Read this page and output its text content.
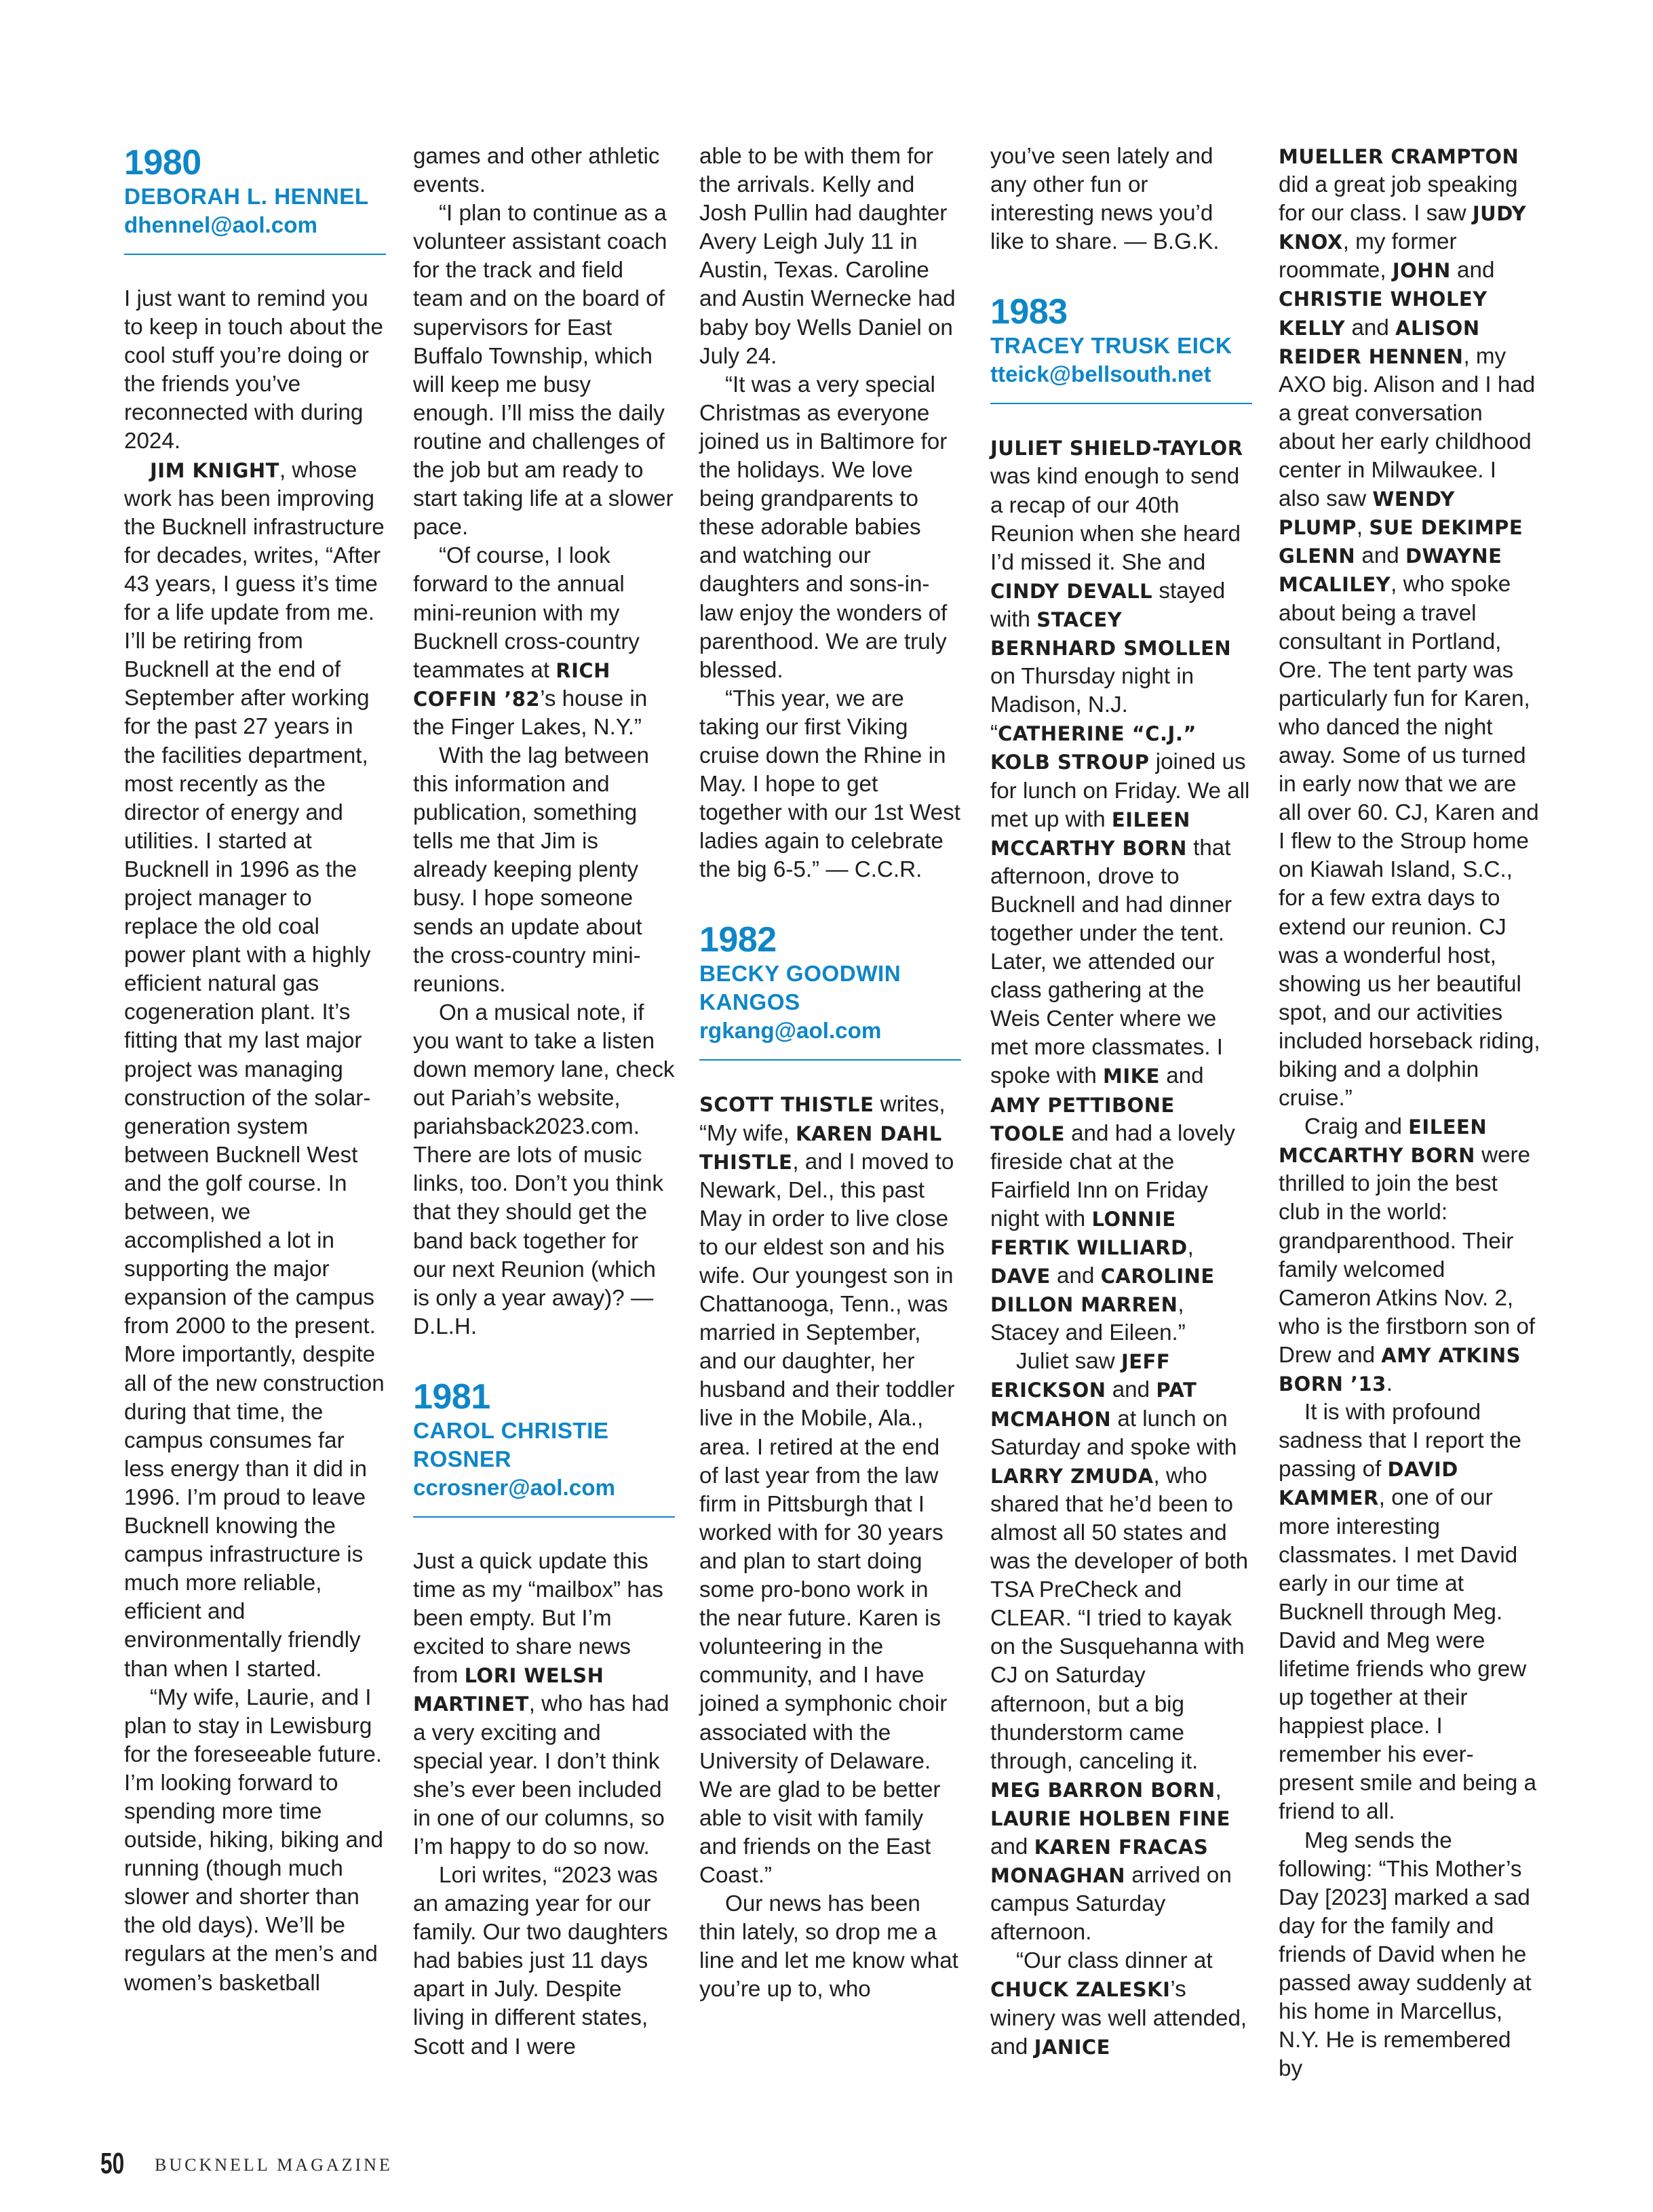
1980
DEBORAH L. HENNEL
dhennel@aol.com

I just want to remind you to keep in touch about the cool stuff you’re doing or the friends you’ve reconnected with during 2024.

JIM KNIGHT, whose work has been improving the Bucknell infrastructure for decades, writes, “After 43 years, I guess it’s time for a life update from me. I’ll be retiring from Bucknell at the end of September after working for the past 27 years in the facilities department, most recently as the director of energy and utilities. I started at Bucknell in 1996 as the project manager to replace the old coal power plant with a highly efficient natural gas cogeneration plant. It’s fitting that my last major project was managing construction of the solar-generation system between Bucknell West and the golf course. In between, we accomplished a lot in supporting the major expansion of the campus from 2000 to the present. More importantly, despite all of the new construction during that time, the campus consumes far less energy than it did in 1996. I’m proud to leave Bucknell knowing the campus infrastructure is much more reliable, efficient and environmentally friendly than when I started.

“My wife, Laurie, and I plan to stay in Lewisburg for the foreseeable future. I’m looking forward to spending more time outside, hiking, biking and running (though much slower and shorter than the old days). We’ll be regulars at the men’s and women’s basketball

games and other athletic events.

“I plan to continue as a volunteer assistant coach for the track and field team and on the board of supervisors for East Buffalo Township, which will keep me busy enough. I’ll miss the daily routine and challenges of the job but am ready to start taking life at a slower pace.

“Of course, I look forward to the annual mini-reunion with my Bucknell cross-country teammates at RICH COFFIN ’82’s house in the Finger Lakes, N.Y.”

With the lag between this information and publication, something tells me that Jim is already keeping plenty busy. I hope someone sends an update about the cross-country mini-reunions.

On a musical note, if you want to take a listen down memory lane, check out Pariah’s website, pariahsback2023.com. There are lots of music links, too. Don’t you think that they should get the band back together for our next Reunion (which is only a year away)? — D.L.H.

1981
CAROL CHRISTIE ROSNER
ccrosner@aol.com

Just a quick update this time as my “mailbox” has been empty. But I’m excited to share news from LORI WELSH MARTINET, who has had a very exciting and special year. I don’t think she’s ever been included in one of our columns, so I’m happy to do so now.

Lori writes, “2023 was an amazing year for our family. Our two daughters had babies just 11 days apart in July. Despite living in different states, Scott and I were

able to be with them for the arrivals. Kelly and Josh Pullin had daughter Avery Leigh July 11 in Austin, Texas. Caroline and Austin Wernecke had baby boy Wells Daniel on July 24.

“It was a very special Christmas as everyone joined us in Baltimore for the holidays. We love being grandparents to these adorable babies and watching our daughters and sons-in-law enjoy the wonders of parenthood. We are truly blessed.

“This year, we are taking our first Viking cruise down the Rhine in May. I hope to get together with our 1st West ladies again to celebrate the big 6-5.” — C.C.R.

1982
BECKY GOODWIN KANGOS
rgkang@aol.com

SCOTT THISTLE writes, “My wife, KAREN DAHL THISTLE, and I moved to Newark, Del., this past May in order to live close to our eldest son and his wife. Our youngest son in Chattanooga, Tenn., was married in September, and our daughter, her husband and their toddler live in the Mobile, Ala., area. I retired at the end of last year from the law firm in Pittsburgh that I worked with for 30 years and plan to start doing some pro-bono work in the near future. Karen is volunteering in the community, and I have joined a symphonic choir associated with the University of Delaware. We are glad to be better able to visit with family and friends on the East Coast.”

Our news has been thin lately, so drop me a line and let me know what you’re up to, who

you’ve seen lately and any other fun or interesting news you’d like to share. — B.G.K.

1983
TRACEY TRUSK EICK
tteick@bellsouth.net

JULIET SHIELD-TAYLOR was kind enough to send a recap of our 40th Reunion when she heard I’d missed it. She and CINDY DEVALL stayed with STACEY BERNHARD SMOLLEN on Thursday night in Madison, N.J. “CATHERINE “C.J.” KOLB STROUP joined us for lunch on Friday. We all met up with EILEEN MCCARTHY BORN that afternoon, drove to Bucknell and had dinner together under the tent. Later, we attended our class gathering at the Weis Center where we met more classmates. I spoke with MIKE and AMY PETTIBONE TOOLE and had a lovely fireside chat at the Fairfield Inn on Friday night with LONNIE FERTIK WILLIARD, DAVE and CAROLINE DILLON MARREN, Stacey and Eileen.”

Juliet saw JEFF ERICKSON and PAT MCMAHON at lunch on Saturday and spoke with LARRY ZMUDA, who shared that he’d been to almost all 50 states and was the developer of both TSA PreCheck and CLEAR. “I tried to kayak on the Susquehanna with CJ on Saturday afternoon, but a big thunderstorm came through, canceling it. MEG BARRON BORN, LAURIE HOLBEN FINE and KAREN FRACAS MONAGHAN arrived on campus Saturday afternoon.

“Our class dinner at CHUCK ZALESKI’s winery was well attended, and JANICE

MUELLER CRAMPTON did a great job speaking for our class. I saw JUDY KNOX, my former roommate, JOHN and CHRISTIE WHOLEY KELLY and ALISON REIDER HENNEN, my AXO big. Alison and I had a great conversation about her early childhood center in Milwaukee. I also saw WENDY PLUMP, SUE DEKIMPE GLENN and DWAYNE MCALILEY, who spoke about being a travel consultant in Portland, Ore. The tent party was particularly fun for Karen, who danced the night away. Some of us turned in early now that we are all over 60. CJ, Karen and I flew to the Stroup home on Kiawah Island, S.C., for a few extra days to extend our reunion. CJ was a wonderful host, showing us her beautiful spot, and our activities included horseback riding, biking and a dolphin cruise.”

Craig and EILEEN MCCARTHY BORN were thrilled to join the best club in the world: grandparenthood. Their family welcomed Cameron Atkins Nov. 2, who is the firstborn son of Drew and AMY ATKINS BORN ’13.

It is with profound sadness that I report the passing of DAVID KAMMER, one of our more interesting classmates. I met David early in our time at Bucknell through Meg. David and Meg were lifetime friends who grew up together at their happiest place. I remember his ever-present smile and being a friend to all.

Meg sends the following: “This Mother’s Day [2023] marked a sad day for the family and friends of David when he passed away suddenly at his home in Marcellus, N.Y. He is remembered by

50 BUCKNELL MAGAZINE
